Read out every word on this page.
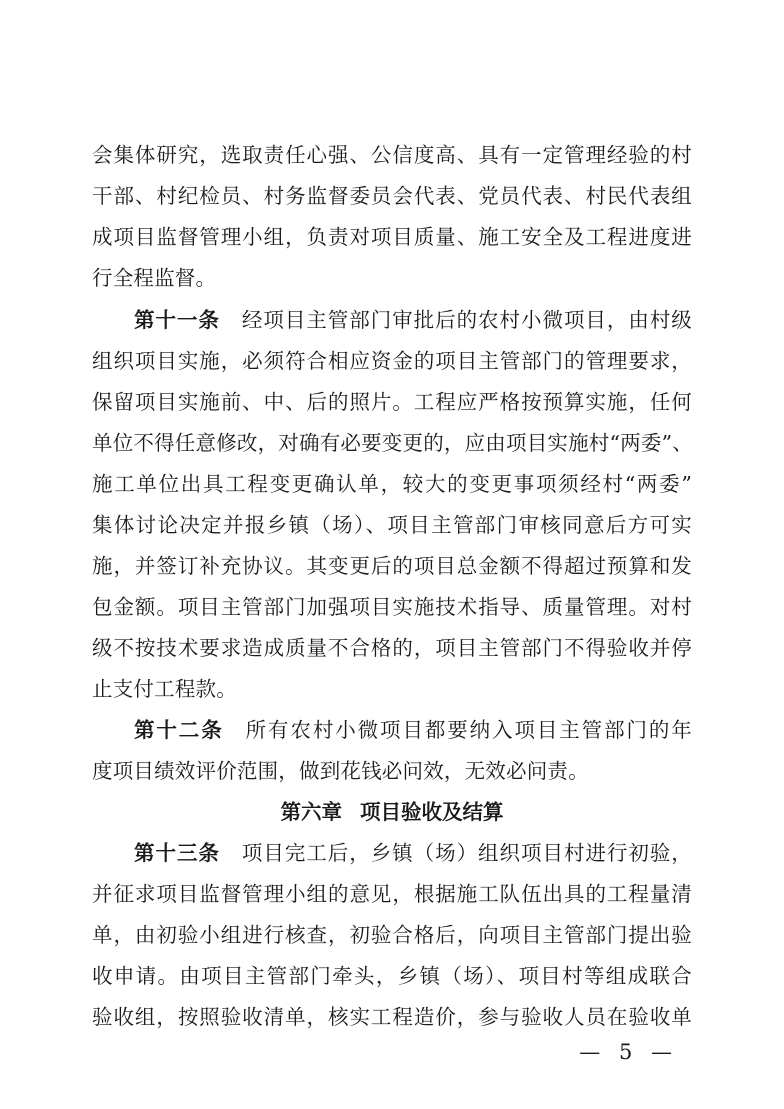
会集体研究，选取责任心强、公信度高、具有一定管理经验的村
干部、村纪检员、村务监督委员会代表、党员代表、村民代表组
成项目监督管理小组，负责对项目质量、施工安全及工程进度进
行全程监督。
第十一条 经项目主管部门审批后的农村小微项目，由村级
组织项目实施，必须符合相应资金的项目主管部门的管理要求，
保留项目实施前、中、后的照片。工程应严格按预算实施，任何
单位不得任意修改，对确有必要变更的，应由项目实施村“两委”、
施工单位出具工程变更确认单，较大的变更事项须经村“两委”
集体讨论决定并报乡镇（场）、项目主管部门审核同意后方可实
施，并签订补充协议。其变更后的项目总金额不得超过预算和发
包金额。项目主管部门加强项目实施技术指导、质量管理。对村
级不按技术要求造成质量不合格的，项目主管部门不得验收并停
止支付工程款。
第十二条 所有农村小微项目都要纳入项目主管部门的年
度项目绩效评价范围，做到花钱必问效，无效必问责。
第六章 项目验收及结算
第十三条 项目完工后，乡镇（场）组织项目村进行初验，
并征求项目监督管理小组的意见，根据施工队伍出具的工程量清
单，由初验小组进行核查，初验合格后，向项目主管部门提出验
收申请。由项目主管部门牵头，乡镇（场）、项目村等组成联合
验收组，按照验收清单，核实工程造价，参与验收人员在验收单
— 5 —
